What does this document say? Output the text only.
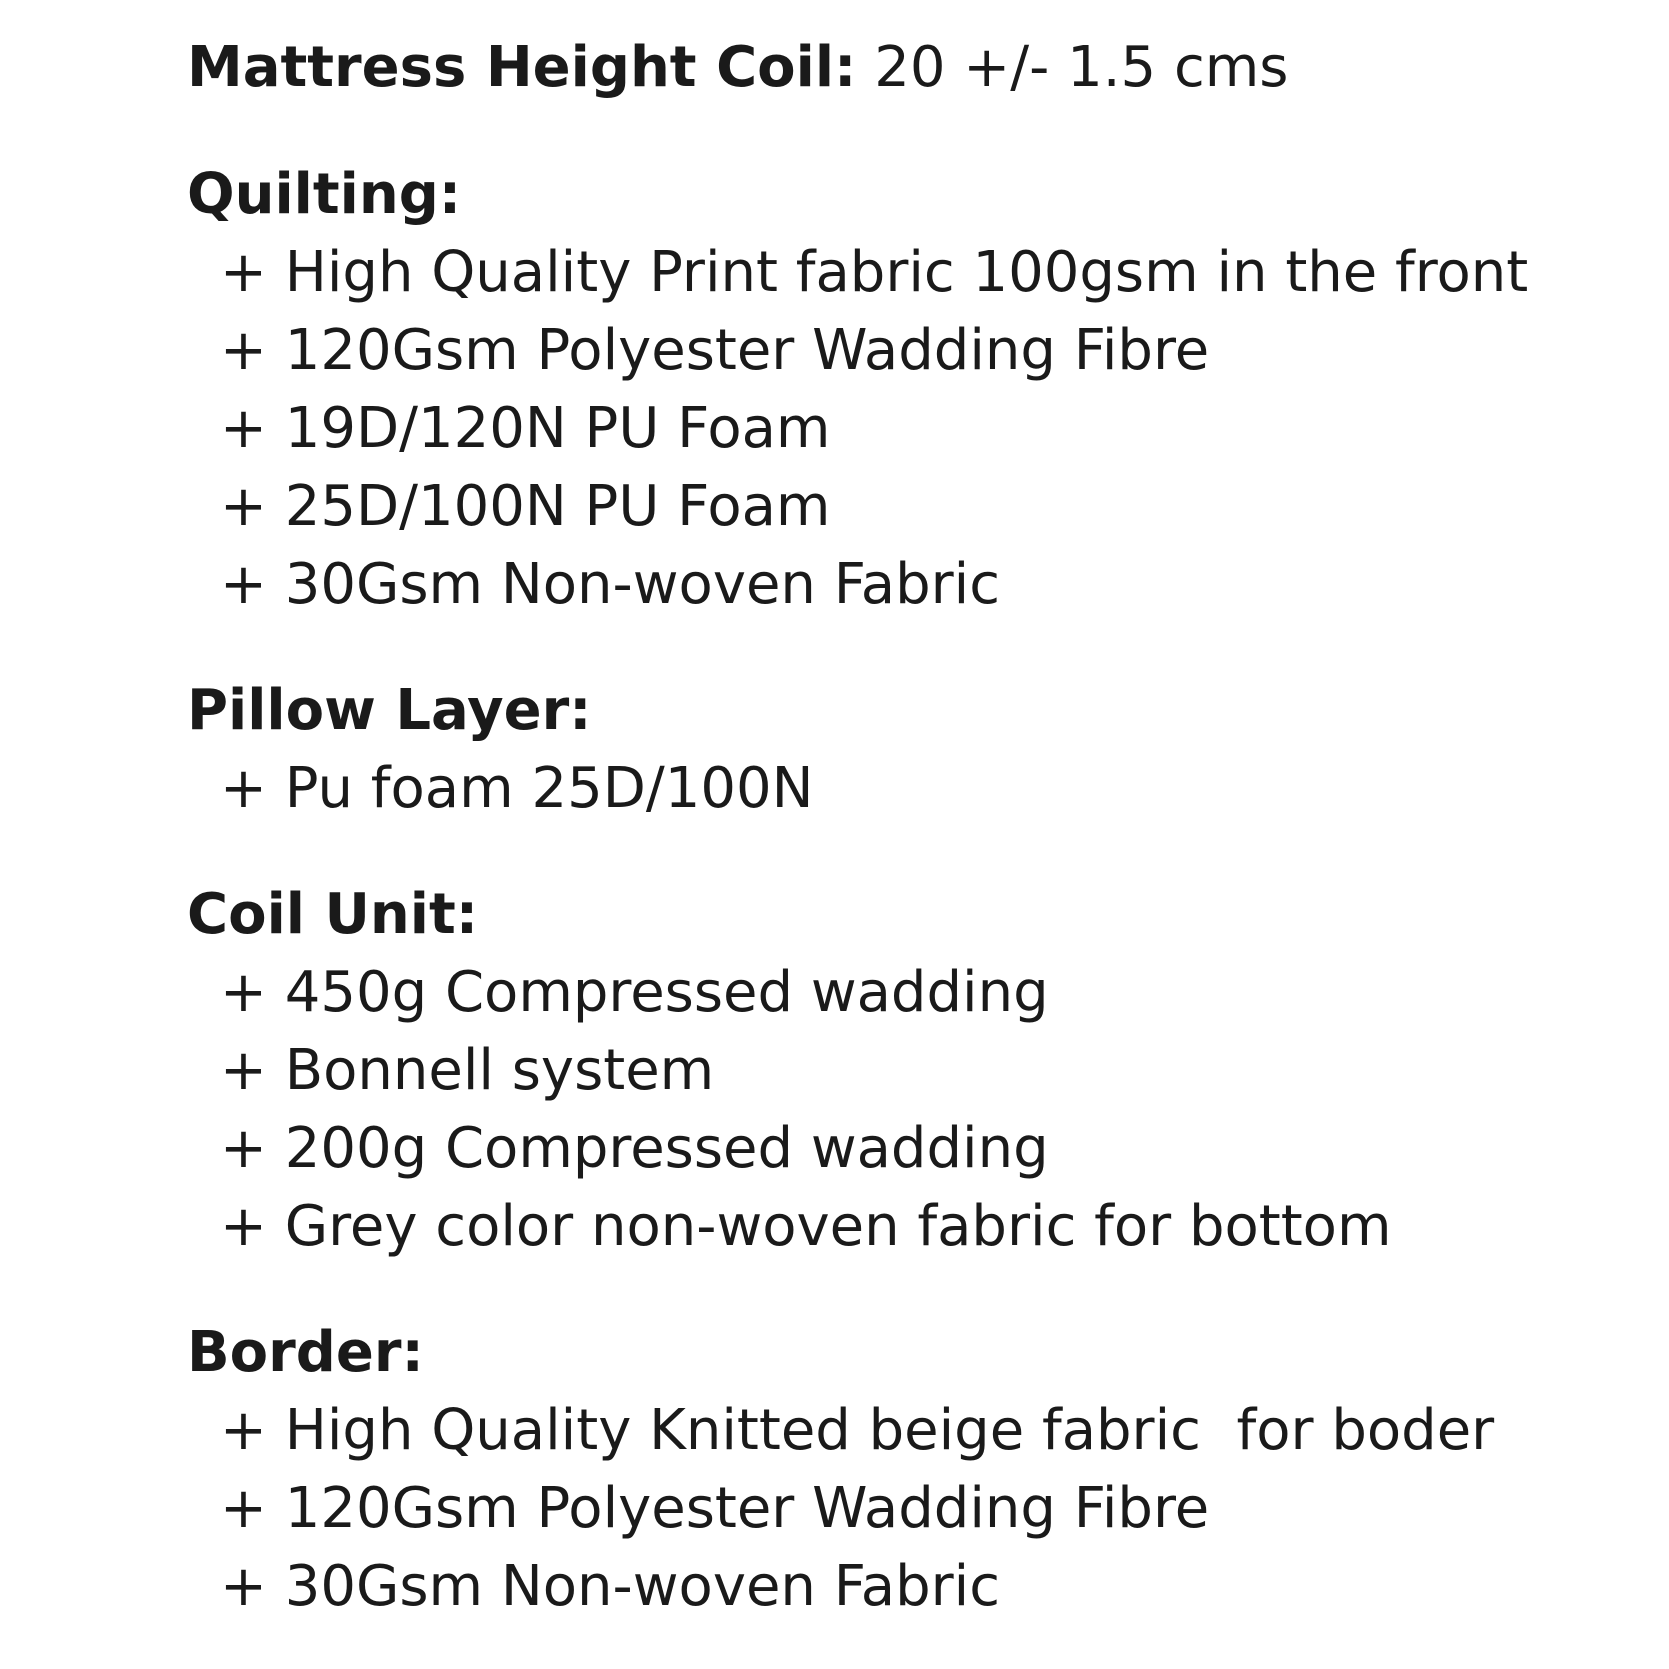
Mattress Height Coil: 20 +/- 1.5 cms
Quilting:
+ High Quality Print fabric 100gsm in the front
+ 120Gsm Polyester Wadding Fibre
+ 19D/120N PU Foam
+ 25D/100N PU Foam
+ 30Gsm Non-woven Fabric
Pillow Layer:
+ Pu foam 25D/100N
Coil Unit:
+ 450g Compressed wadding
+ Bonnell system
+ 200g Compressed wadding
+ Grey color non-woven fabric for bottom
Border:
+ High Quality Knitted beige fabric  for boder
+ 120Gsm Polyester Wadding Fibre
+ 30Gsm Non-woven Fabric
